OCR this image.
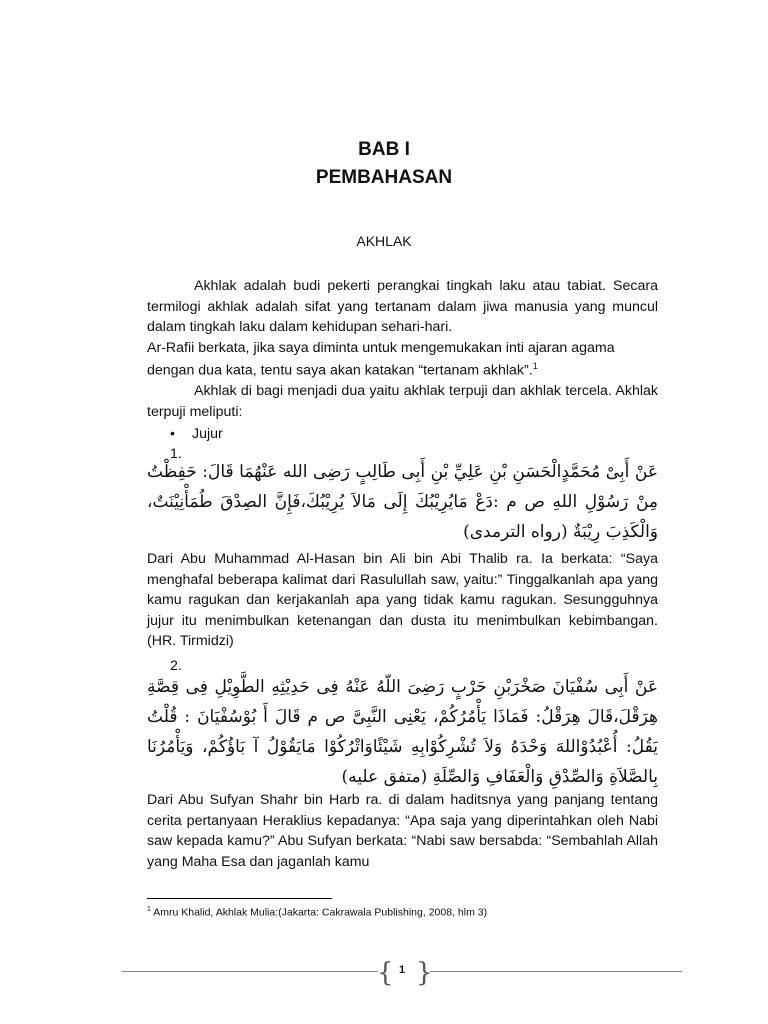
BAB I
PEMBAHASAN
AKHLAK
Akhlak adalah budi pekerti perangkai tingkah laku atau tabiat. Secara termilogi akhlak adalah sifat yang tertanam dalam jiwa manusia yang muncul dalam tingkah laku dalam kehidupan sehari-hari.
Ar-Rafii berkata, jika saya diminta untuk mengemukakan inti ajaran agama
dengan dua kata, tentu saya akan katakan “tertanam akhlak”.$^1$
Akhlak di bagi menjadi dua yaitu akhlak terpuji dan akhlak tercela. Akhlak terpuji meliputi:
• Jujur
1.
عَنْ أَبِىْ مُحَمَّدٍالْحَسَنِ بْنِ عَلِيِّ بْنِ أَبِى طَالِبٍ رَضِى الله عَنْهُمَا قَالَ: حَفِظْتُ مِنْ رَسُوْلِ اللهِ ص م :دَعْ مَايُرِيْبُكَ إِلَى مَالاَ يُرِيْبُكَ،فَإِنَّ الصِدْقَ طُمَأْنِيْنَتٌ، وَالْكَذِبَ رِيْبَةٌ (رواه الترمدى)
Dari Abu Muhammad Al-Hasan bin Ali bin Abi Thalib ra. Ia berkata: “Saya menghafal beberapa kalimat dari Rasulullah saw, yaitu:” Tinggalkanlah apa yang kamu ragukan dan kerjakanlah apa yang tidak kamu ragukan. Sesungguhnya jujur itu menimbulkan ketenangan dan dusta itu menimbulkan kebimbangan. (HR. Tirmidzi)
2.
عَنْ أَبِى سُفْيَانَ صَخْرَبْنِ حَرْبٍ رَضِىَ اللّهُ عَنْهُ فِى حَدِيْثِهِ الطَّوِيْلِ فِى قِصَّةِ هِرَقْلَ،قَالَ هِرَقْلُ: فَمَاذَا يَأْمُرُكُمْ، يَعْنِى النَّبِىَّ ص م قَالَ أَ بُوْسُفْيَانَ : قُلْتُ يَقُلُ: أُعْبُدُوْاللهَ وَحْدَهُ وَلاَ تُشْرِكُوْابِهِ شَيْئًاوَاتْرُكُوْا مَايَقُوْلُ آ بَاؤُكُمْ، وَيَأْمُرُنَا بِالصَّلاَةِ وَالصِّدْقِ وَالْعَفَافِ وَالصِّلَةِ (متفق عليه)
Dari Abu Sufyan Shahr bin Harb ra. di dalam haditsnya yang panjang tentang cerita pertanyaan Heraklius kepadanya: “Apa saja yang diperintahkan oleh Nabi saw kepada kamu?” Abu Sufyan berkata: “Nabi saw bersabda: “Sembahlah Allah yang Maha Esa dan jaganlah kamu
$^1$ Amru Khalid, Akhlak Mulia:(Jakarta: Cakrawala Publishing, 2008, hlm 3)
{ 1 }
